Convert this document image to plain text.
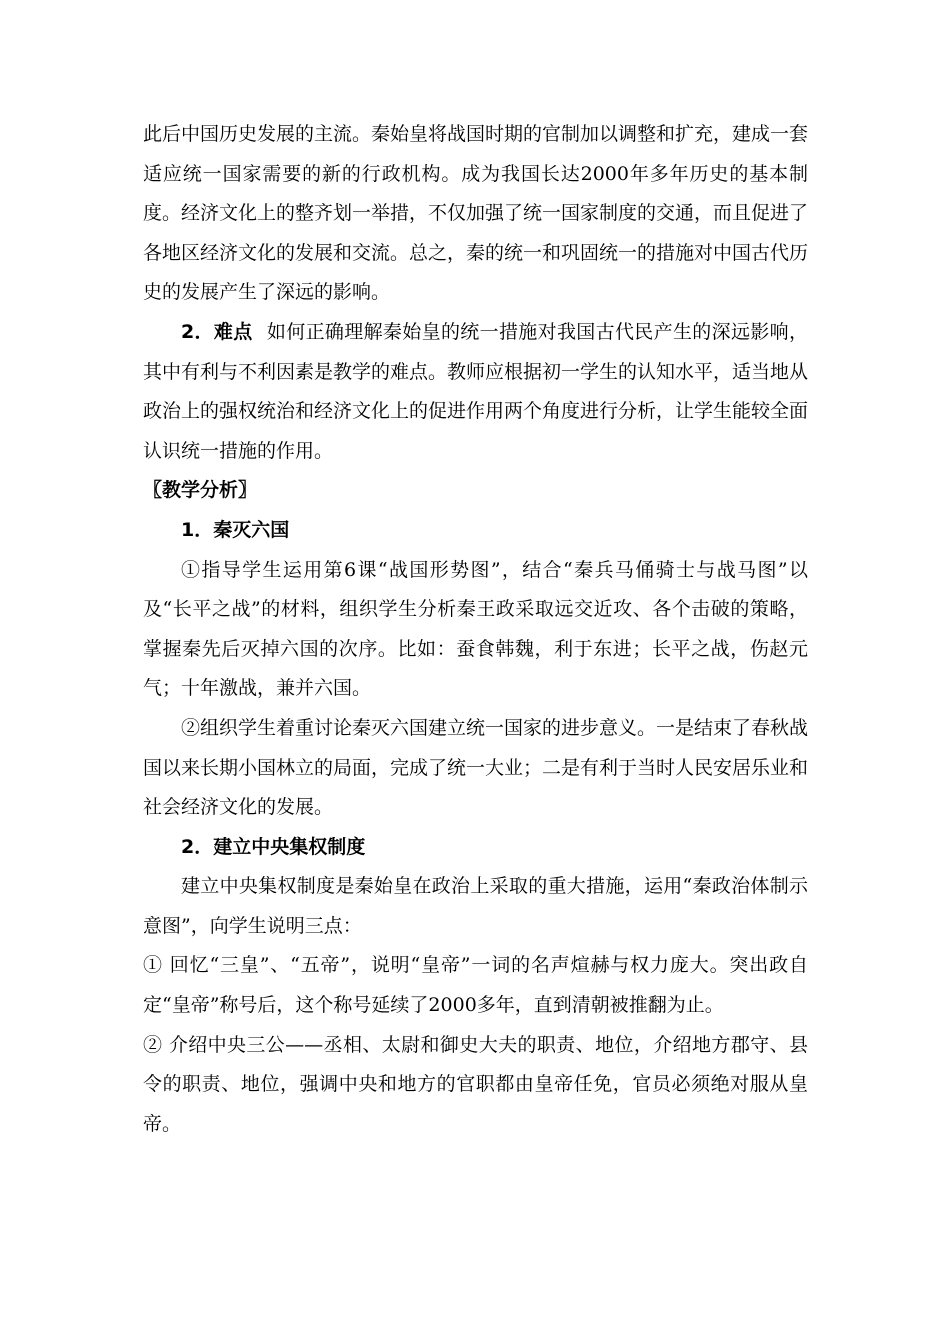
此后中国历史发展的主流。秦始皇将战国时期的官制加以调整和扩充，建成一套适应统一国家需要的新的行政机构。成为我国长达2000年多年历史的基本制度。经济文化上的整齐划一举措，不仅加强了统一国家制度的交通，而且促进了各地区经济文化的发展和交流。总之，秦的统一和巩固统一的措施对中国古代历史的发展产生了深远的影响。

2．难点 如何正确理解秦始皇的统一措施对我国古代民产生的深远影响，其中有利与不利因素是教学的难点。教师应根据初一学生的认知水平，适当地从政治上的强权统治和经济文化上的促进作用两个角度进行分析，让学生能较全面认识统一措施的作用。

〖教学分析〗

1．秦灭六国

①指导学生运用第6课“战国形势图”，结合“秦兵马俑骑士与战马图”以及“长平之战”的材料，组织学生分析秦王政采取远交近攻、各个击破的策略，掌握秦先后灭掉六国的次序。比如：蚕食韩魏，利于东进；长平之战，伤赵元气；十年激战，兼并六国。

②组织学生着重讨论秦灭六国建立统一国家的进步意义。一是结束了春秋战国以来长期小国林立的局面，完成了统一大业；二是有利于当时人民安居乐业和社会经济文化的发展。

2．建立中央集权制度

建立中央集权制度是秦始皇在政治上采取的重大措施，运用“秦政治体制示意图”，向学生说明三点：

① 回忆“三皇”、“五帝”，说明“皇帝”一词的名声煊赫与权力庞大。突出政自定“皇帝”称号后，这个称号延续了2000多年，直到清朝被推翻为止。

② 介绍中央三公——丞相、太尉和御史大夫的职责、地位，介绍地方郡守、县令的职责、地位，强调中央和地方的官职都由皇帝任免，官员必须绝对服从皇帝。
